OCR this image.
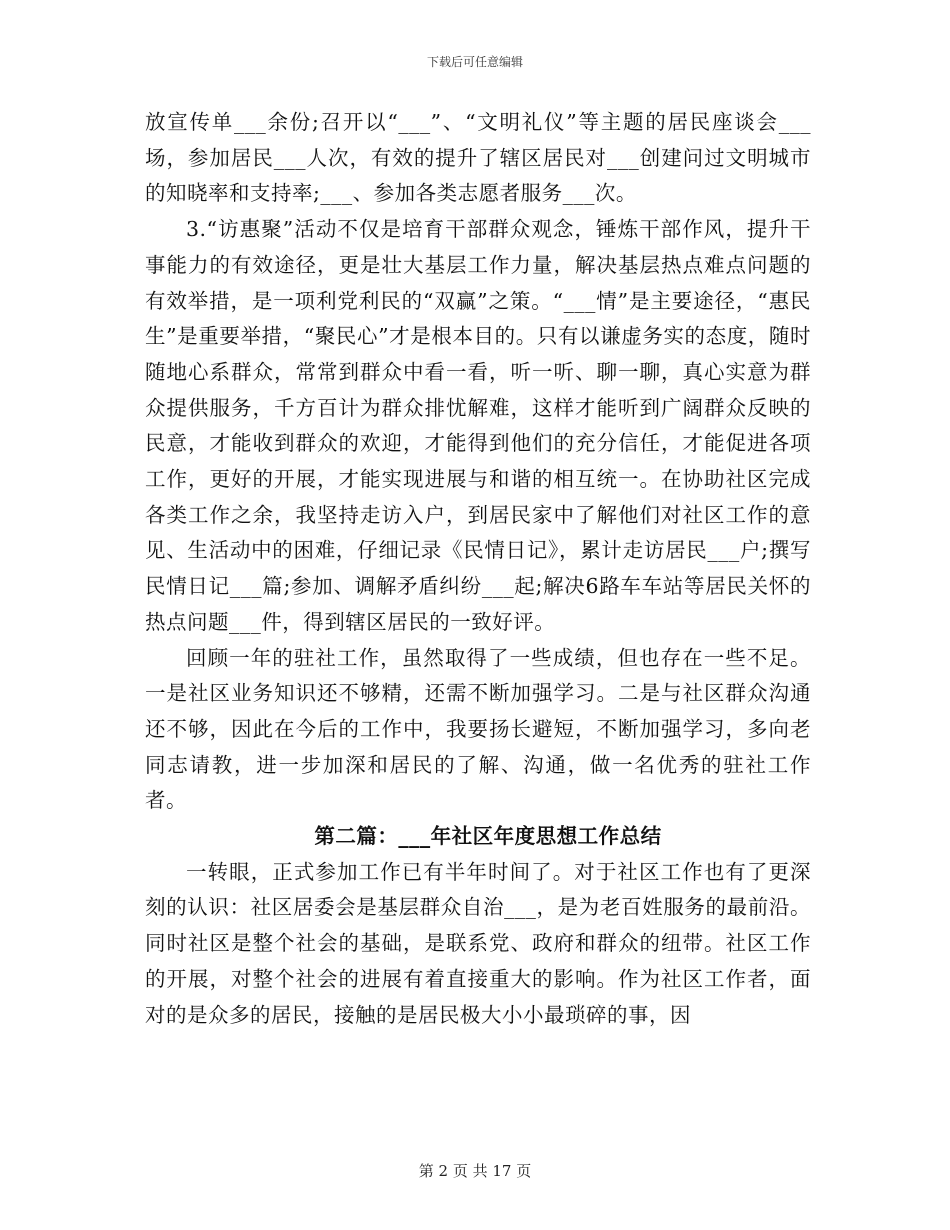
下载后可任意编辑

放宣传单___余份;召开以“___”、“文明礼仪”等主题的居民座谈会___场，参加居民___人次，有效的提升了辖区居民对___创建问过文明城市的知晓率和支持率;___、参加各类志愿者服务___次。

3.“访惠聚”活动不仅是培育干部群众观念，锤炼干部作风，提升干事能力的有效途径，更是壮大基层工作力量，解决基层热点难点问题的有效举措，是一项利党利民的“双赢”之策。“___情”是主要途径，“惠民生”是重要举措，“聚民心”才是根本目的。只有以谦虚务实的态度，随时随地心系群众，常常到群众中看一看，听一听、聊一聊，真心实意为群众提供服务，千方百计为群众排忧解难，这样才能听到广阔群众反映的民意，才能收到群众的欢迎，才能得到他们的充分信任，才能促进各项工作，更好的开展，才能实现进展与和谐的相互统一。在协助社区完成各类工作之余，我坚持走访入户，到居民家中了解他们对社区工作的意见、生活动中的困难，仔细记录《民情日记》，累计走访居民___户;撰写民情日记___篇;参加、调解矛盾纠纷___起;解决6路车车站等居民关怀的热点问题___件，得到辖区居民的一致好评。

回顾一年的驻社工作，虽然取得了一些成绩，但也存在一些不足。一是社区业务知识还不够精，还需不断加强学习。二是与社区群众沟通还不够，因此在今后的工作中，我要扬长避短，不断加强学习，多向老同志请教，进一步加深和居民的了解、沟通，做一名优秀的驻社工作者。

第二篇：___年社区年度思想工作总结

一转眼，正式参加工作已有半年时间了。对于社区工作也有了更深刻的认识：社区居委会是基层群众自治___，是为老百姓服务的最前沿。同时社区是整个社会的基础，是联系党、政府和群众的纽带。社区工作的开展，对整个社会的进展有着直接重大的影响。作为社区工作者，面对的是众多的居民，接触的是居民极大小小最琐碎的事，因

第 2 页 共 17 页
